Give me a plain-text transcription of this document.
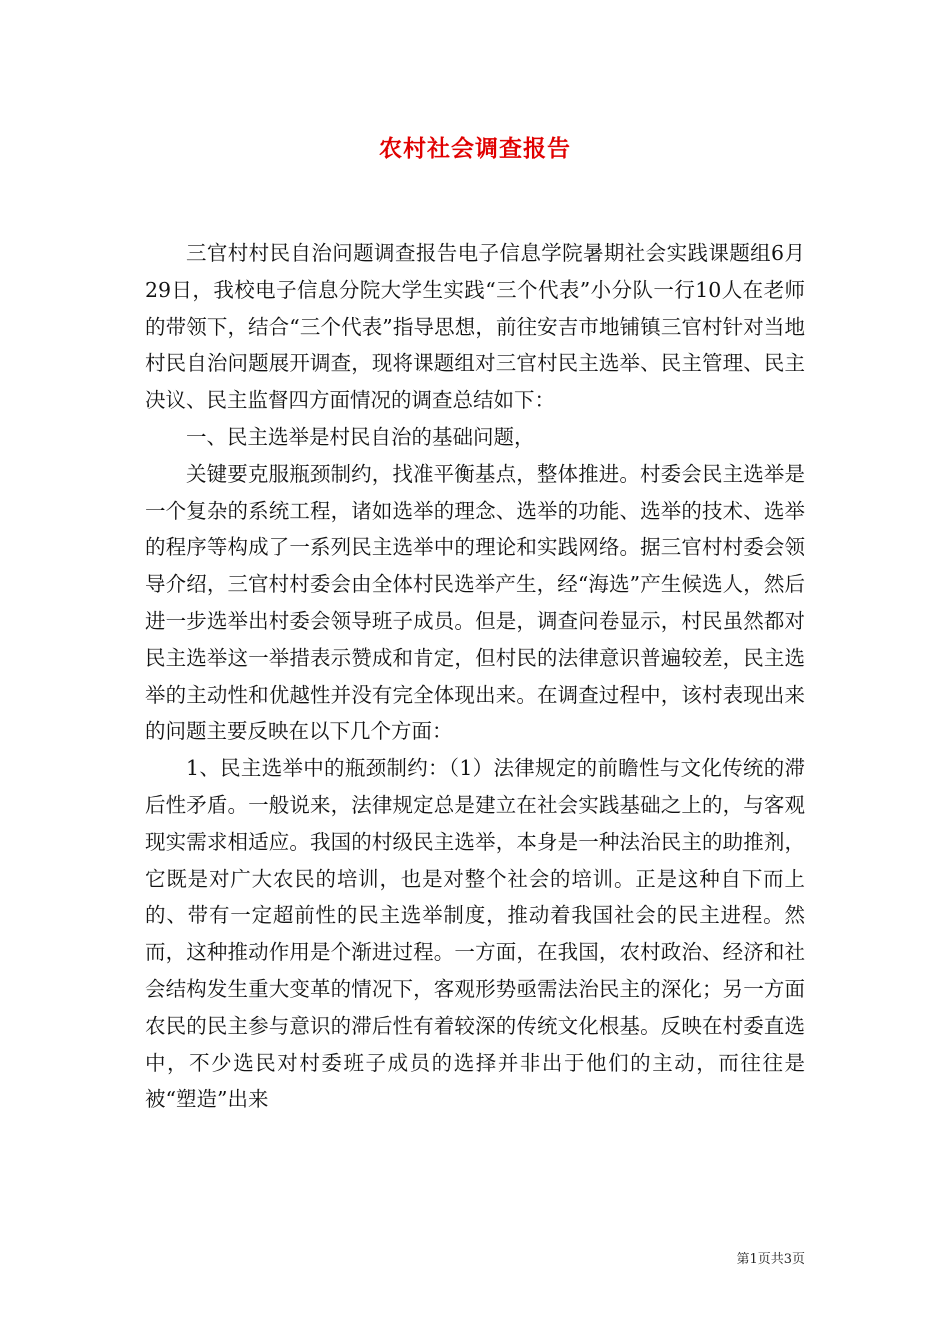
农村社会调查报告

三官村村民自治问题调查报告电子信息学院暑期社会实践课题组6月29日，我校电子信息分院大学生实践“三个代表”小分队一行10人在老师的带领下，结合“三个代表”指导思想，前往安吉市地铺镇三官村针对当地村民自治问题展开调查，现将课题组对三官村民主选举、民主管理、民主决议、民主监督四方面情况的调查总结如下：

一、民主选举是村民自治的基础问题，

关键要克服瓶颈制约，找准平衡基点，整体推进。村委会民主选举是一个复杂的系统工程，诸如选举的理念、选举的功能、选举的技术、选举的程序等构成了一系列民主选举中的理论和实践网络。据三官村村委会领导介绍，三官村村委会由全体村民选举产生，经“海选”产生候选人，然后进一步选举出村委会领导班子成员。但是，调查问卷显示，村民虽然都对民主选举这一举措表示赞成和肯定，但村民的法律意识普遍较差，民主选举的主动性和优越性并没有完全体现出来。在调查过程中，该村表现出来的问题主要反映在以下几个方面：

1、民主选举中的瓶颈制约：（1）法律规定的前瞻性与文化传统的滞后性矛盾。一般说来，法律规定总是建立在社会实践基础之上的，与客观现实需求相适应。我国的村级民主选举，本身是一种法治民主的助推剂，它既是对广大农民的培训，也是对整个社会的培训。正是这种自下而上的、带有一定超前性的民主选举制度，推动着我国社会的民主进程。然而，这种推动作用是个渐进过程。一方面，在我国，农村政治、经济和社会结构发生重大变革的情况下，客观形势亟需法治民主的深化；另一方面农民的民主参与意识的滞后性有着较深的传统文化根基。反映在村委直选中，不少选民对村委班子成员的选择并非出于他们的主动，而往往是被“塑造”出来

第1页共3页
